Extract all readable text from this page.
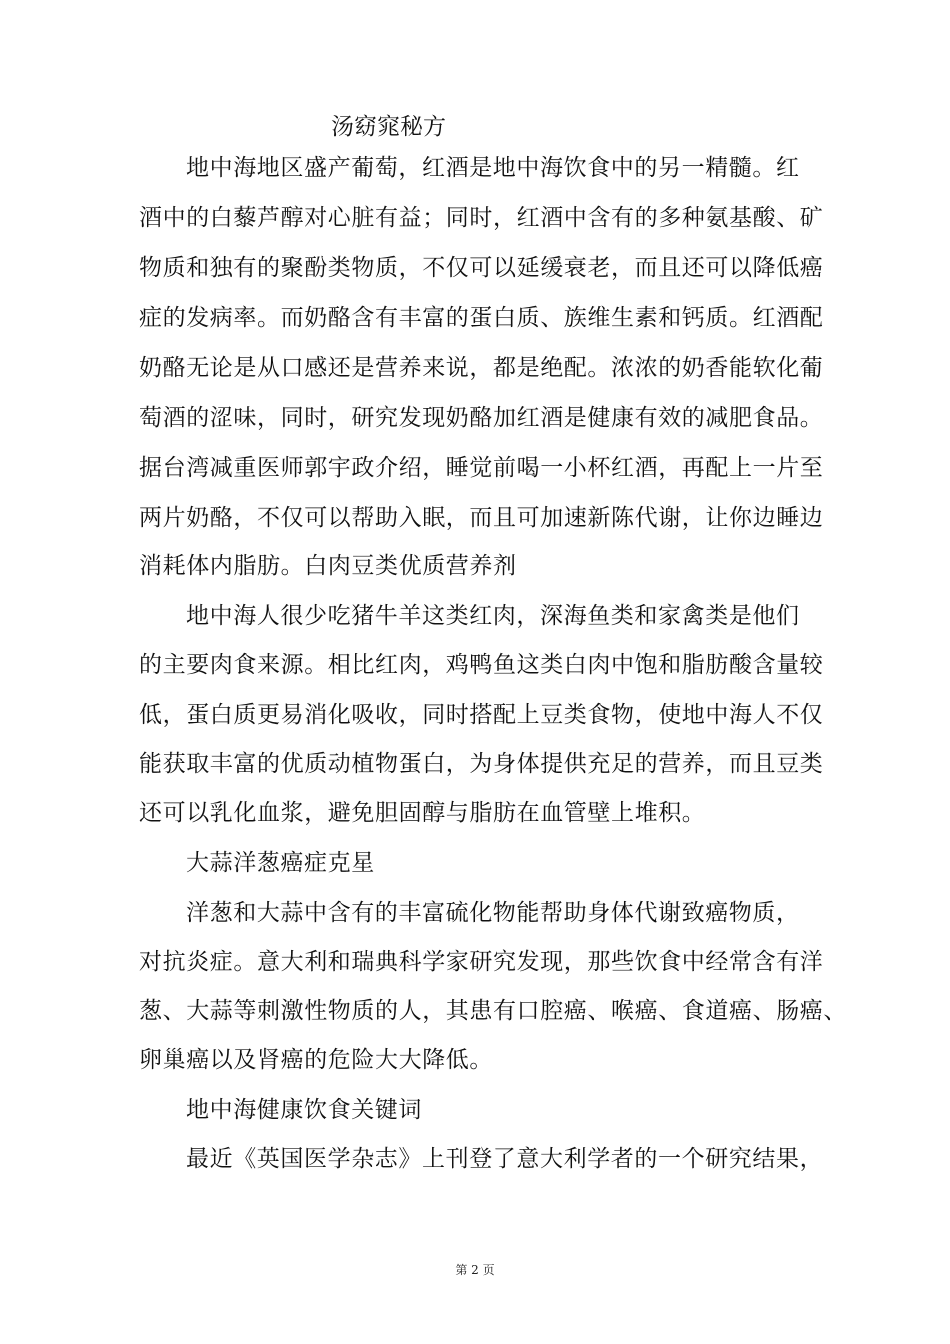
汤窈窕秘方
地中海地区盛产葡萄，红酒是地中海饮食中的另一精髓。红
酒中的白藜芦醇对心脏有益；同时，红酒中含有的多种氨基酸、矿
物质和独有的聚酚类物质，不仅可以延缓衰老，而且还可以降低癌
症的发病率。而奶酪含有丰富的蛋白质、族维生素和钙质。红酒配
奶酪无论是从口感还是营养来说，都是绝配。浓浓的奶香能软化葡
萄酒的涩味，同时，研究发现奶酪加红酒是健康有效的减肥食品。
据台湾减重医师郭宇政介绍，睡觉前喝一小杯红酒，再配上一片至
两片奶酪，不仅可以帮助入眠，而且可加速新陈代谢，让你边睡边
消耗体内脂肪。白肉豆类优质营养剂
地中海人很少吃猪牛羊这类红肉，深海鱼类和家禽类是他们
的主要肉食来源。相比红肉，鸡鸭鱼这类白肉中饱和脂肪酸含量较
低，蛋白质更易消化吸收，同时搭配上豆类食物，使地中海人不仅
能获取丰富的优质动植物蛋白，为身体提供充足的营养，而且豆类
还可以乳化血浆，避免胆固醇与脂肪在血管壁上堆积。
大蒜洋葱癌症克星
洋葱和大蒜中含有的丰富硫化物能帮助身体代谢致癌物质，
对抗炎症。意大利和瑞典科学家研究发现，那些饮食中经常含有洋
葱、大蒜等刺激性物质的人，其患有口腔癌、喉癌、食道癌、肠癌、
卵巢癌以及肾癌的危险大大降低。
地中海健康饮食关键词
最近《英国医学杂志》上刊登了意大利学者的一个研究结果，
第 2 页
